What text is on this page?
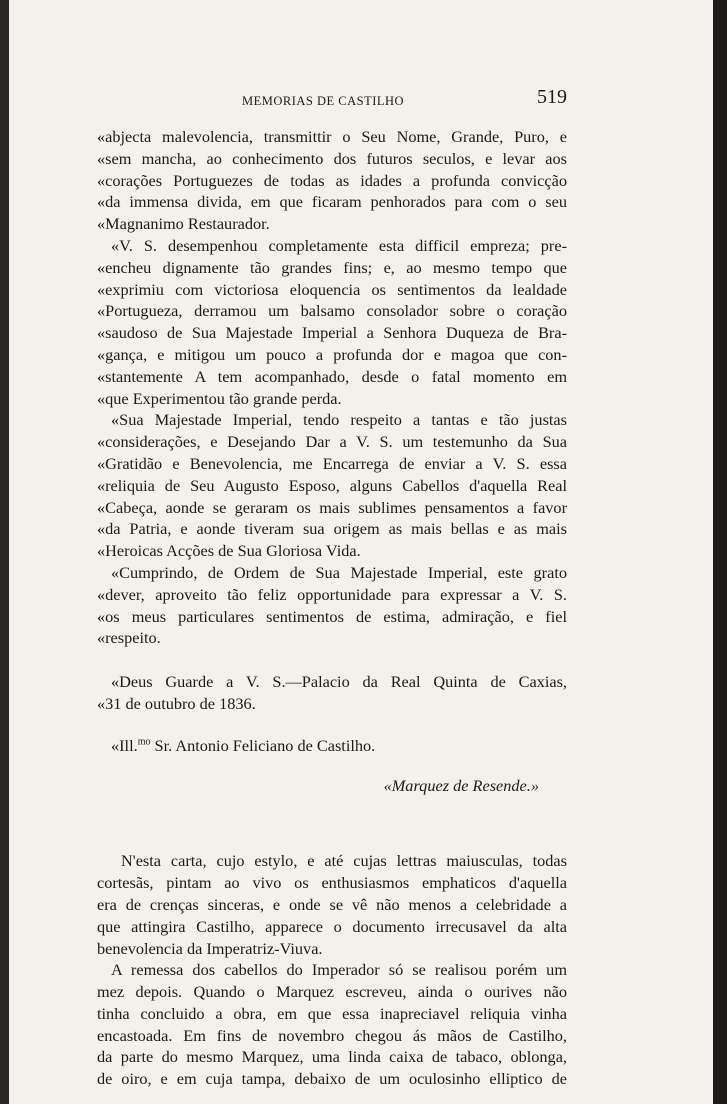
MEMORIAS DE CASTILHO	519

«abjecta malevolencia, transmittir o Seu Nome, Grande, Puro, e
«sem mancha, ao conhecimento dos futuros seculos, e levar aos
«corações Portuguezes de todas as idades a profunda convicção
«da immensa divida, em que ficaram penhorados para com o seu
«Magnanimo Restaurador.

«V. S. desempenhou completamente esta difficil empreza; pre-
«encheu dignamente tão grandes fins; e, ao mesmo tempo que
«exprimiu com victoriosa eloquencia os sentimentos da lealdade
«Portugueza, derramou um balsamo consolador sobre o coração
«saudoso de Sua Majestade Imperial a Senhora Duqueza de Bra-
«gança, e mitigou um pouco a profunda dor e magoa que con-
«stantemente A tem acompanhado, desde o fatal momento em
«que Experimentou tão grande perda.

«Sua Majestade Imperial, tendo respeito a tantas e tão justas
«considerações, e Desejando Dar a V. S. um testemunho da Sua
«Gratidão e Benevolencia, me Encarrega de enviar a V. S. essa
«reliquia de Seu Augusto Esposo, alguns Cabellos d'aquella Real
«Cabeça, aonde se geraram os mais sublimes pensamentos a favor
«da Patria, e aonde tiveram sua origem as mais bellas e as mais
«Heroicas Acções de Sua Gloriosa Vida.

«Cumprindo, de Ordem de Sua Majestade Imperial, este grato
«dever, aproveito tão feliz opportunidade para expressar a V. S.
«os meus particulares sentimentos de estima, admiração, e fiel
«respeito.

«Deus Guarde a V. S.—Palacio da Real Quinta de Caxias,
«31 de outubro de 1836.

«Ill.$^{mo}$ Sr. Antonio Feliciano de Castilho.

«Marquez de Resende.»

N'esta carta, cujo estylo, e até cujas lettras maiusculas, todas
cortesãs, pintam ao vivo os enthusiasmos emphaticos d'aquella
era de crenças sinceras, e onde se vê não menos a celebridade a
que attingira Castilho, apparece o documento irrecusavel da alta
benevolencia da Imperatriz-Viuva.

A remessa dos cabellos do Imperador só se realisou porém um
mez depois. Quando o Marquez escreveu, ainda o ourives não
tinha concluido a obra, em que essa inapreciavel reliquia vinha
encastoada. Em fins de novembro chegou ás mãos de Castilho,
da parte do mesmo Marquez, uma linda caixa de tabaco, oblonga,
de oiro, e em cuja tampa, debaixo de um oculosinho elliptico de
